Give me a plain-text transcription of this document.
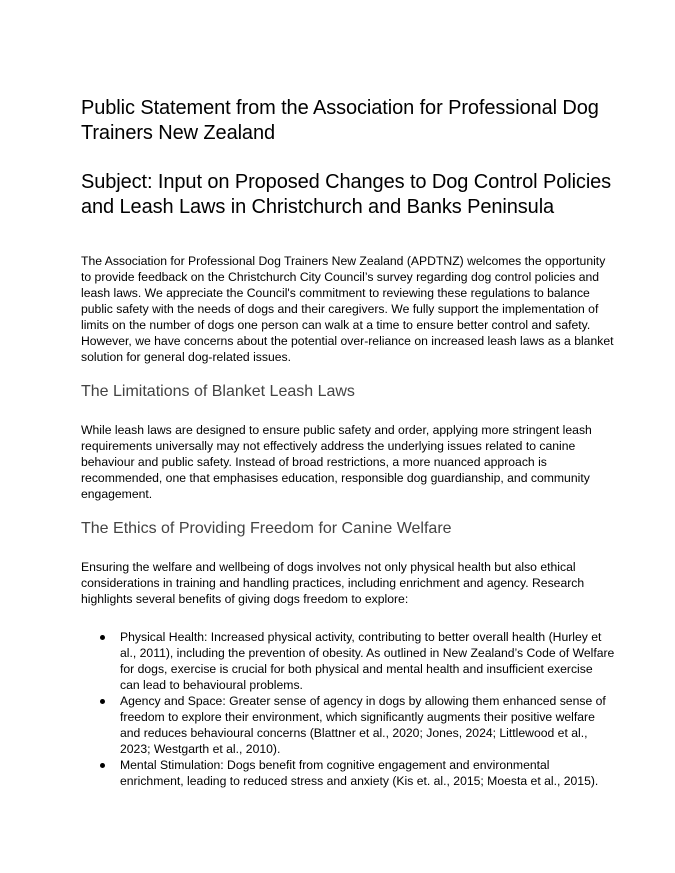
Public Statement from the Association for Professional Dog Trainers New Zealand
Subject: Input on Proposed Changes to Dog Control Policies and Leash Laws in Christchurch and Banks Peninsula

The Association for Professional Dog Trainers New Zealand (APDTNZ) welcomes the opportunity to provide feedback on the Christchurch City Council’s survey regarding dog control policies and leash laws. We appreciate the Council's commitment to reviewing these regulations to balance public safety with the needs of dogs and their caregivers. We fully support the implementation of limits on the number of dogs one person can walk at a time to ensure better control and safety. However, we have concerns about the potential over-reliance on increased leash laws as a blanket solution for general dog-related issues.

The Limitations of Blanket Leash Laws

While leash laws are designed to ensure public safety and order, applying more stringent leash requirements universally may not effectively address the underlying issues related to canine behaviour and public safety. Instead of broad restrictions, a more nuanced approach is recommended, one that emphasises education, responsible dog guardianship, and community engagement.

The Ethics of Providing Freedom for Canine Welfare

Ensuring the welfare and wellbeing of dogs involves not only physical health but also ethical considerations in training and handling practices, including enrichment and agency. Research highlights several benefits of giving dogs freedom to explore:

Physical Health: Increased physical activity, contributing to better overall health (Hurley et al., 2011), including the prevention of obesity. As outlined in New Zealand’s Code of Welfare for dogs, exercise is crucial for both physical and mental health and insufficient exercise can lead to behavioural problems.
Agency and Space: Greater sense of agency in dogs by allowing them enhanced sense of freedom to explore their environment, which significantly augments their positive welfare and reduces behavioural concerns (Blattner et al., 2020; Jones, 2024; Littlewood et al., 2023; Westgarth et al., 2010).
Mental Stimulation: Dogs benefit from cognitive engagement and environmental enrichment, leading to reduced stress and anxiety (Kis et. al., 2015; Moesta et al., 2015).
